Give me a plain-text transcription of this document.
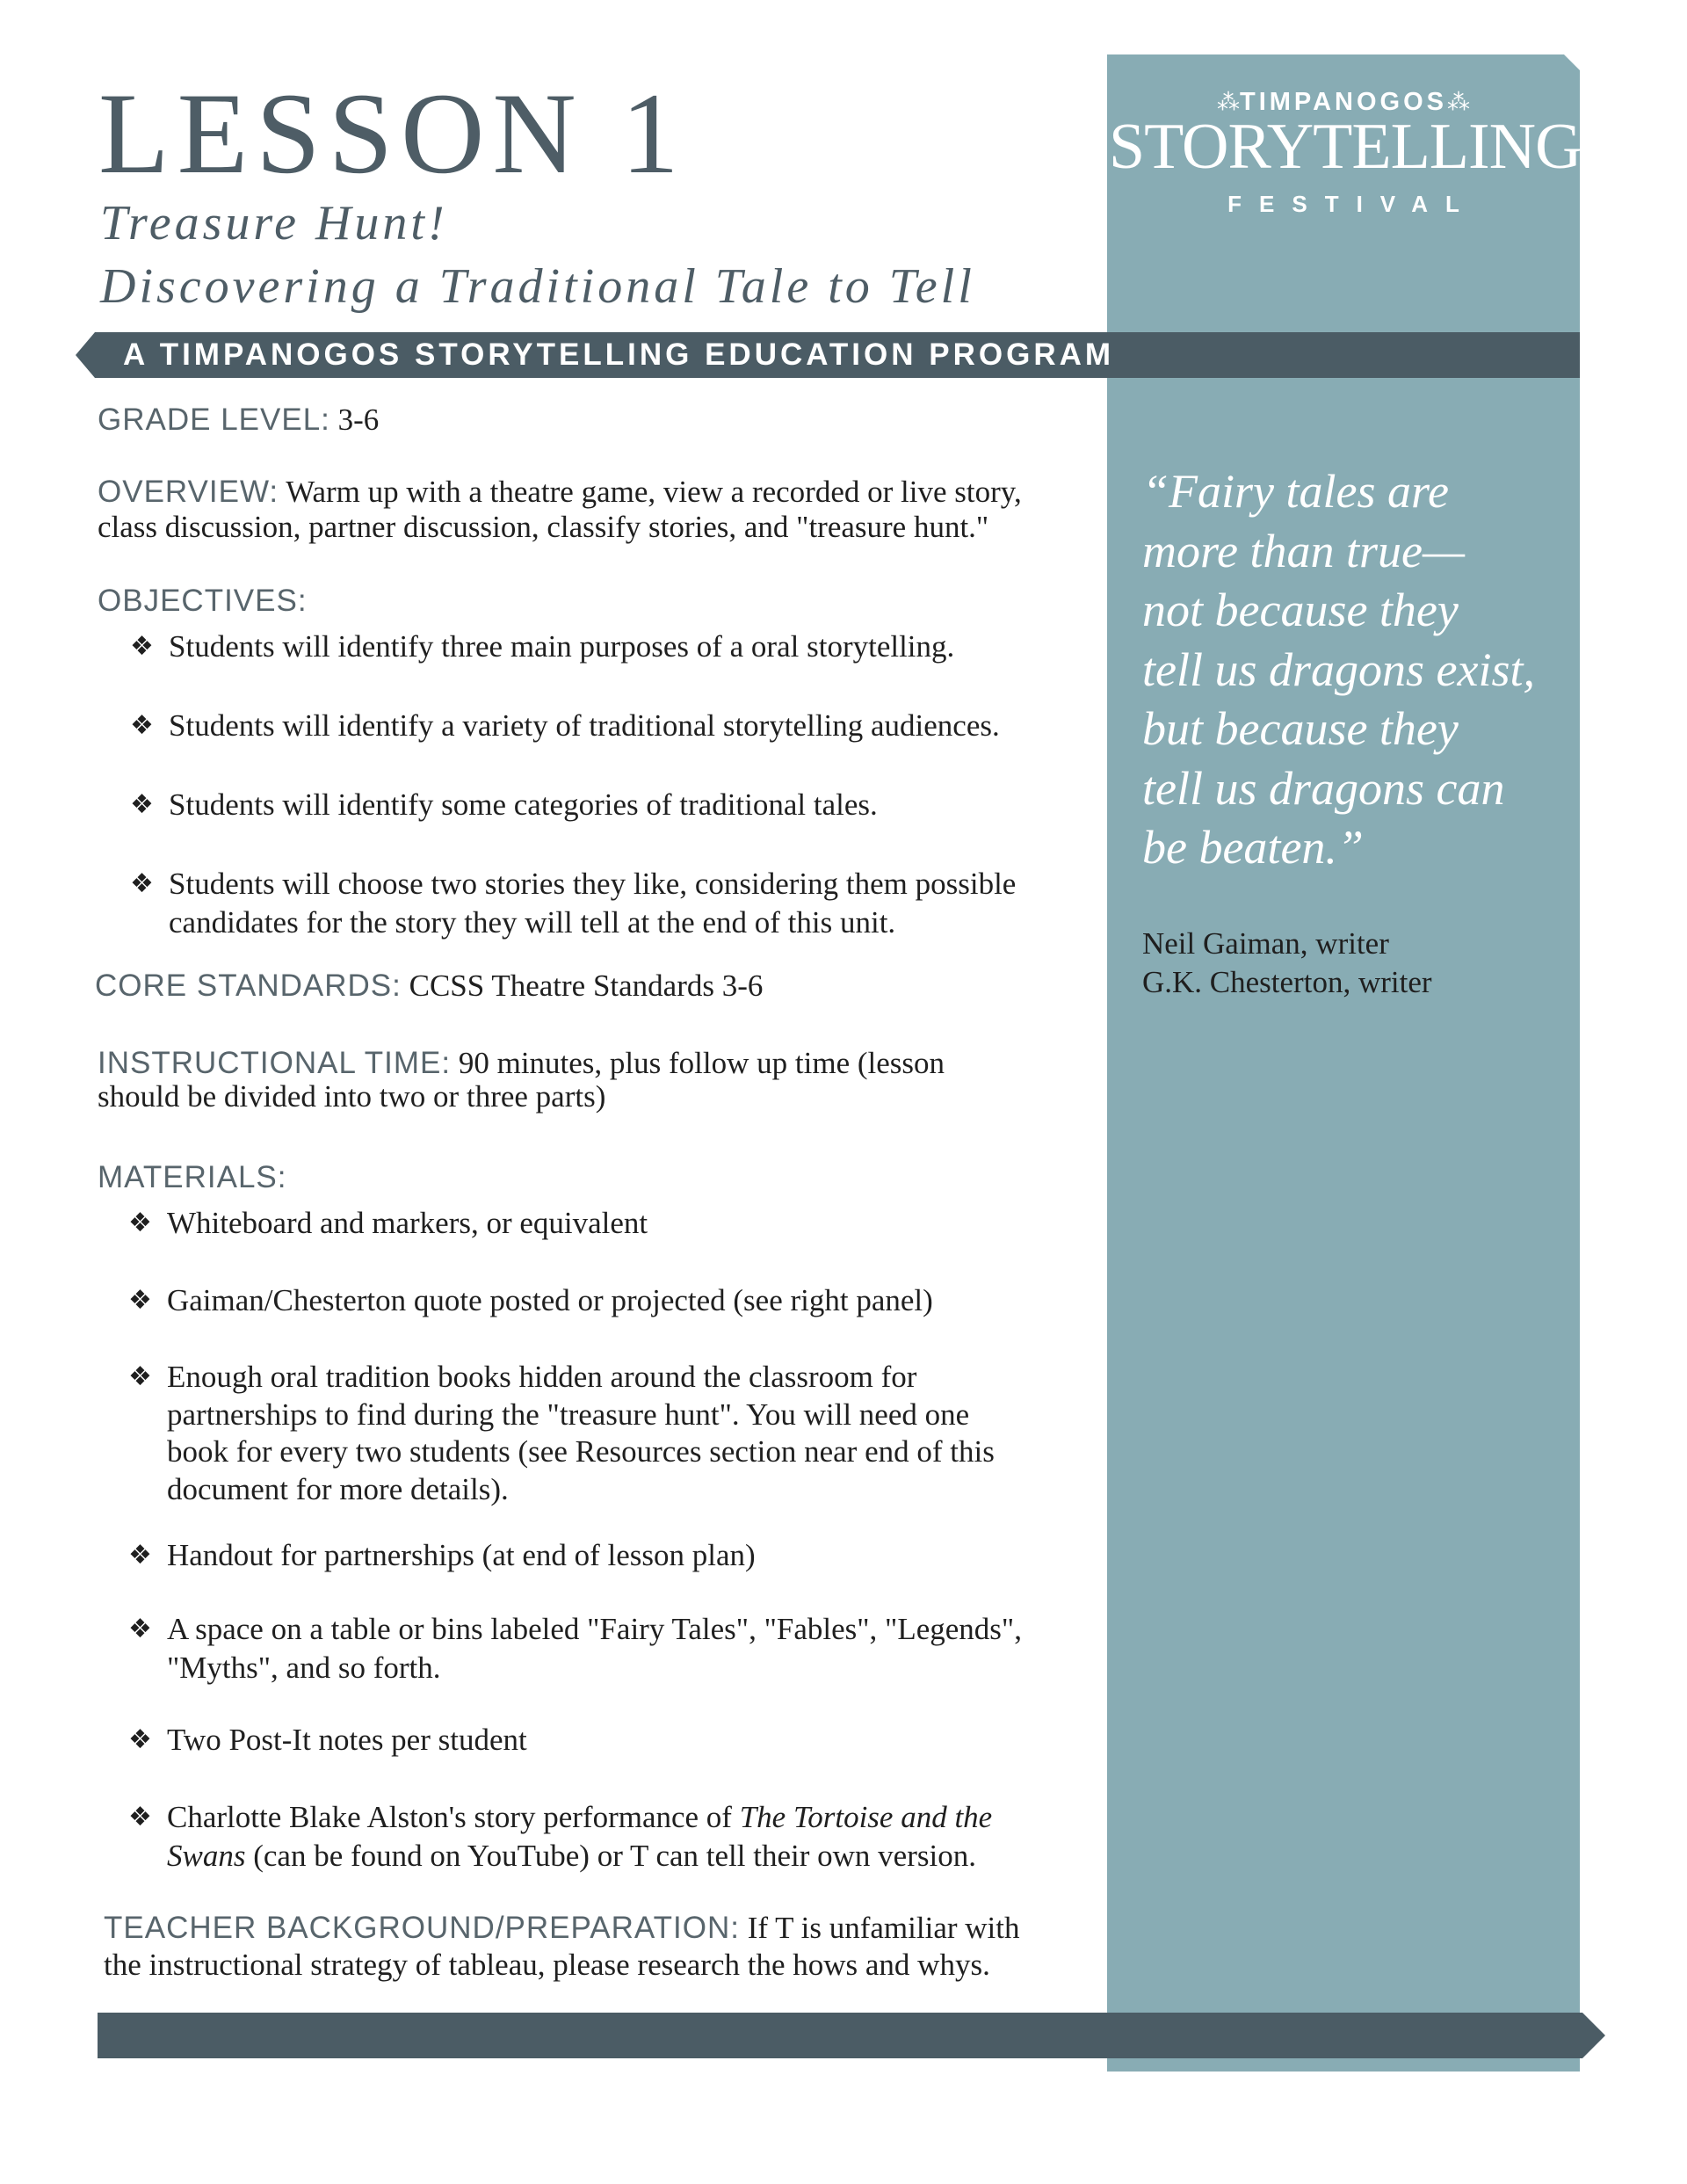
⁂TIMPANOGOS⁂
STORYTELLING
FESTIVAL
LESSON 1
Treasure Hunt!
Discovering a Traditional Tale to Tell
A TIMPANOGOS STORYTELLING EDUCATION PROGRAM
GRADE LEVEL: 3-6
OVERVIEW: Warm up with a theatre game, view a recorded or live story,
class discussion, partner discussion, classify stories, and "treasure hunt."
OBJECTIVES:
❖ Students will identify three main purposes of a oral storytelling.
❖ Students will identify a variety of traditional storytelling audiences.
❖ Students will identify some categories of traditional tales.
❖ Students will choose two stories they like, considering them possible
candidates for the story they will tell at the end of this unit.
CORE STANDARDS: CCSS Theatre Standards 3-6
INSTRUCTIONAL TIME: 90 minutes, plus follow up time (lesson
should be divided into two or three parts)
MATERIALS:
❖ Whiteboard and markers, or equivalent
❖ Gaiman/Chesterton quote posted or projected (see right panel)
❖ Enough oral tradition books hidden around the classroom for
partnerships to find during the "treasure hunt". You will need one
book for every two students (see Resources section near end of this
document for more details).
❖ Handout for partnerships (at end of lesson plan)
❖ A space on a table or bins labeled "Fairy Tales", "Fables", "Legends",
"Myths", and so forth.
❖ Two Post-It notes per student
❖ Charlotte Blake Alston's story performance of The Tortoise and the
Swans (can be found on YouTube) or T can tell their own version.
TEACHER BACKGROUND/PREPARATION: If T is unfamiliar with
the instructional strategy of tableau, please research the hows and whys.
“Fairy tales are
more than true—
not because they
tell us dragons exist,
but because they
tell us dragons can
be beaten.”
Neil Gaiman, writer
G.K. Chesterton, writer
